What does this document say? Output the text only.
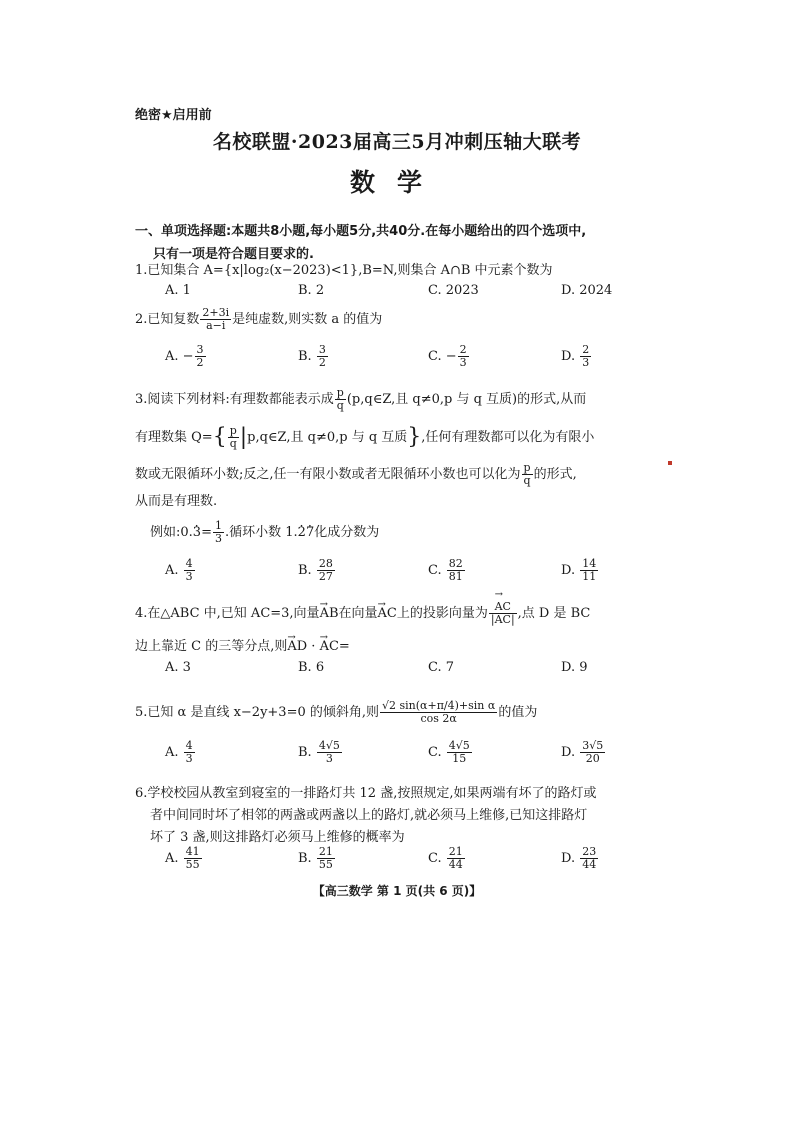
绝密★启用前
名校联盟·2023届高三5月冲刺压轴大联考
数学
一、单项选择题:本题共8小题,每小题5分,共40分.在每小题给出的四个选项中,
只有一项是符合题目要求的.
1.已知集合 A={x|log₂(x−2023)<1},B=N,则集合 A∩B 中元素个数为
A. 1	B. 2	C. 2023	D. 2024
2.已知复数 $\frac{2+3i}{a-i}$ 是纯虚数,则实数 a 的值为
A. − $\frac{3}{2}$	B. $\frac{3}{2}$	C. − $\frac{2}{3}$	D. $\frac{2}{3}$
3.阅读下列材料:有理数都能表示成 $\frac{p}{q}$ (p,q∈Z,且 q≠0,p 与 q 互质)的形式,从而
有理数集 $Q=\{ \frac{p}{q}$ |p,q∈Z,且 q≠0,p 与 q 互质},任何有理数都可以化为有限小
数或无限循环小数;反之,任一有限小数或者无限循环小数也可以化为 $\frac{p}{q}$ 的形式,
从而是有理数.
例如:0.· $3= \frac{1}{3}$ .循环小数 1.· 2· 7化成分数为
A. $\frac{4}{3}$	B. $\frac{28}{27}$	C. $\frac{82}{81}$	D. $\frac{14}{11}$
4.在△ABC 中,已知 AC=3,向量→ AB在向量→ AC上的投影向量为
→ $\frac{AC}{|AC|}$ ,点 D 是 BC
边上靠近 C 的三等分点,则→ AD · → AC=
A. 3	B. 6	C. 7	D. 9
5.已知 α 是直线 x−2y+3=0 的倾斜角,则 $\frac{\text{√2 sin(α+π/4)+sin α}}{\cos 2\alpha}$ 的值为
A. $\frac{4}{3}$	B. $\frac{4√5}{3}$	C. $\frac{4√5}{15}$	D. $\frac{3√5}{20}$
6.学校校园从教室到寝室的一排路灯共 12 盏,按照规定,如果两端有坏了的路灯或
者中间同时坏了相邻的两盏或两盏以上的路灯,就必须马上维修,已知这排路灯
坏了 3 盏,则这排路灯必须马上维修的概率为
A. $\frac{41}{55}$	B. $\frac{21}{55}$	C. $\frac{21}{44}$	D. $\frac{23}{44}$
【高三数学 第 1 页(共 6 页)】
